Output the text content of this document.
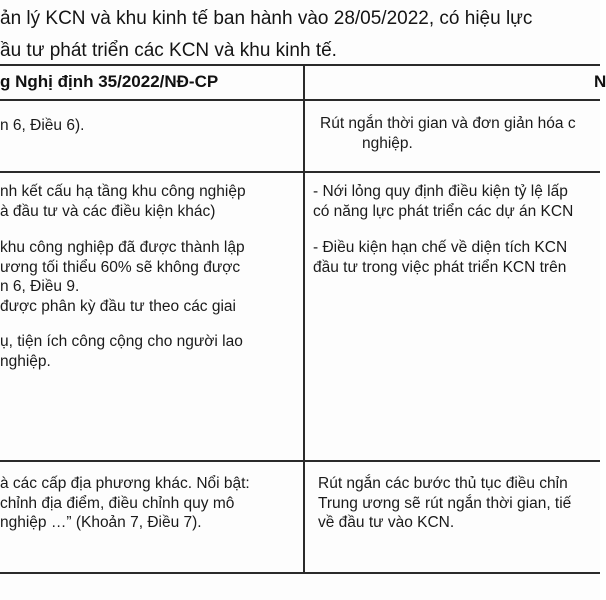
ản lý KCN và khu kinh tế ban hành vào 28/05/2022, có hiệu lực
ầu tư phát triển các KCN và khu kinh tế.
g Nghị định 35/2022/NĐ-CP	N
n 6, Điều 6).	Rút ngắn thời gian và đơn giản hóa c
nghiệp.
nh kết cấu hạ tầng khu công nghiệp
à đầu tư và các điều kiện khác)
khu công nghiệp đã được thành lập
ương tối thiểu 60% sẽ không được
n 6, Điều 9.
được phân kỳ đầu tư theo các giai
ụ, tiện ích công cộng cho người lao
nghiệp.
- Nới lỏng quy định điều kiện tỷ lệ lấp
có năng lực phát triển các dự án KCN
- Điều kiện hạn chế về diện tích KCN
đầu tư trong việc phát triển KCN trên
à các cấp địa phương khác. Nổi bật:
chỉnh địa điểm, điều chỉnh quy mô
nghiệp …” (Khoản 7, Điều 7).
Rút ngắn các bước thủ tục điều chỉn
Trung ương sẽ rút ngắn thời gian, tiế
về đầu tư vào KCN.
